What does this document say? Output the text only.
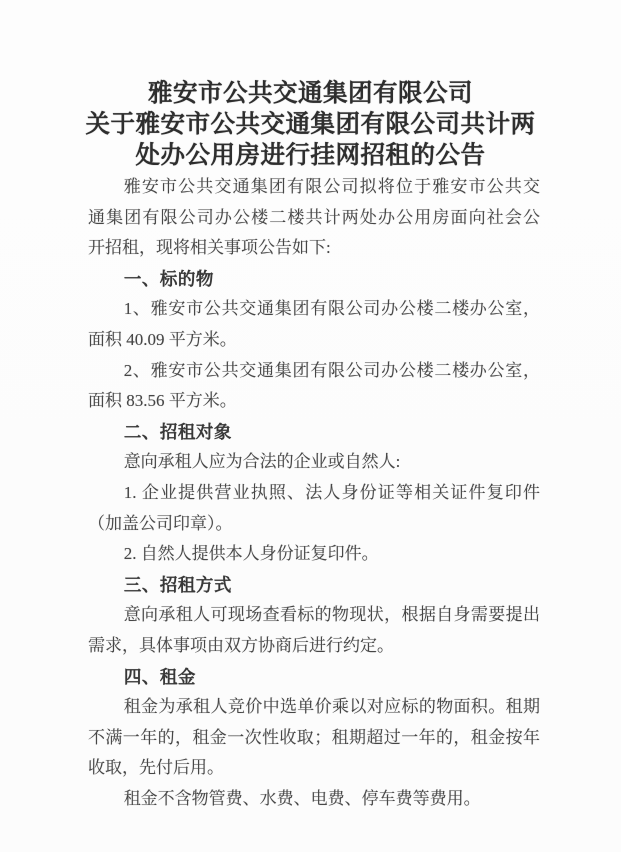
雅安市公共交通集团有限公司
关于雅安市公共交通集团有限公司共计两
处办公用房进行挂网招租的公告
雅安市公共交通集团有限公司拟将位于雅安市公共交
通集团有限公司办公楼二楼共计两处办公用房面向社会公
开招租，现将相关事项公告如下:
一、标的物
1、雅安市公共交通集团有限公司办公楼二楼办公室，
面积 40.09 平方米。
2、雅安市公共交通集团有限公司办公楼二楼办公室，
面积 83.56 平方米。
二、招租对象
意向承租人应为合法的企业或自然人:
1. 企业提供营业执照、法人身份证等相关证件复印件
（加盖公司印章）。
2. 自然人提供本人身份证复印件。
三、招租方式
意向承租人可现场查看标的物现状，根据自身需要提出
需求，具体事项由双方协商后进行约定。
四、租金
租金为承租人竞价中选单价乘以对应标的物面积。租期
不满一年的，租金一次性收取；租期超过一年的，租金按年
收取，先付后用。
租金不含物管费、水费、电费、停车费等费用。
